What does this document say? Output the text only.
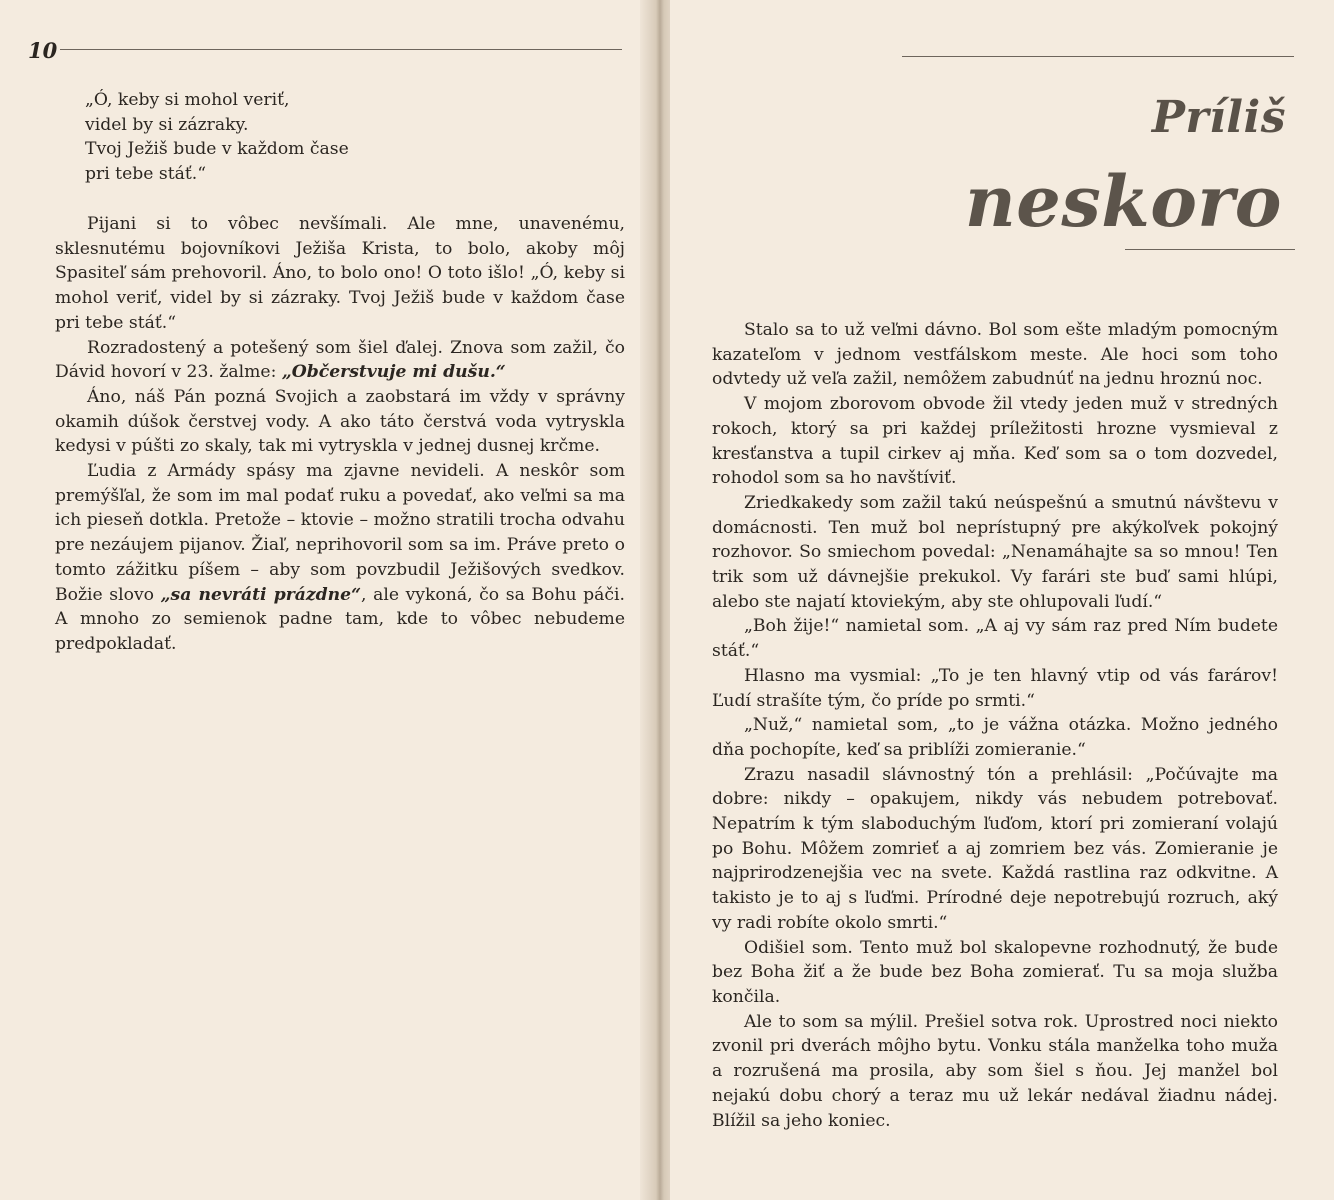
10
„Ó, keby si mohol veriť,
videl by si zázraky.
Tvoj Ježiš bude v každom čase
pri tebe stáť.“

Pijani si to vôbec nevšímali. Ale mne, unavenému, sklesnutému bojovníkovi Ježiša Krista, to bolo, akoby môj Spasiteľ sám prehovoril. Áno, to bolo ono! O toto išlo! „Ó, keby si mohol veriť, videl by si zázraky. Tvoj Ježiš bude v každom čase pri tebe stáť.“

Rozradostený a potešený som šiel ďalej. Znova som zažil, čo Dávid hovorí v 23. žalme: „Občerstvuje mi dušu.“

Áno, náš Pán pozná Svojich a zaobstará im vždy v správny okamih dúšok čerstvej vody. A ako táto čerstvá voda vytryskla kedysi v púšti zo skaly, tak mi vytryskla v jednej dusnej krčme.

Ľudia z Armády spásy ma zjavne nevideli. A neskôr som premýšľal, že som im mal podať ruku a povedať, ako veľmi sa ma ich pieseň dotkla. Pretože – ktovie – možno stratili trocha odvahu pre nezáujem pijanov. Žiaľ, neprihovoril som sa im. Práve preto o tomto zážitku píšem – aby som povzbudil Ježišových svedkov. Božie slovo „sa nevráti prázdne“, ale vykoná, čo sa Bohu páči. A mnoho zo semienok padne tam, kde to vôbec nebudeme predpokladať.

Príliš
neskoro

Stalo sa to už veľmi dávno. Bol som ešte mladým pomocným kazateľom v jednom vestfálskom meste. Ale hoci som toho odvtedy už veľa zažil, nemôžem zabudnúť na jednu hroznú noc.

V mojom zborovom obvode žil vtedy jeden muž v stredných rokoch, ktorý sa pri každej príležitosti hrozne vysmieval z kresťanstva a tupil cirkev aj mňa. Keď som sa o tom dozvedel, rohodol som sa ho navštíviť.

Zriedkakedy som zažil takú neúspešnú a smutnú návštevu v domácnosti. Ten muž bol neprístupný pre akýkoľvek pokojný rozhovor. So smiechom povedal: „Nenamáhajte sa so mnou! Ten trik som už dávnejšie prekukol. Vy farári ste buď sami hlúpi, alebo ste najatí ktoviekým, aby ste ohlupovali ľudí.“

„Boh žije!“ namietal som. „A aj vy sám raz pred Ním budete stáť.“

Hlasno ma vysmial: „To je ten hlavný vtip od vás farárov! Ľudí strašíte tým, čo príde po srmti.“

„Nuž,“ namietal som, „to je vážna otázka. Možno jedného dňa pochopíte, keď sa priblíži zomieranie.“

Zrazu nasadil slávnostný tón a prehlásil: „Počúvajte ma dobre: nikdy – opakujem, nikdy vás nebudem potrebovať. Nepatrím k tým slaboduchým ľuďom, ktorí pri zomieraní volajú po Bohu. Môžem zomrieť a aj zomriem bez vás. Zomieranie je najprirodzenejšia vec na svete. Každá rastlina raz odkvitne. A takisto je to aj s ľuďmi. Prírodné deje nepotrebujú rozruch, aký vy radi robíte okolo smrti.“

Odišiel som. Tento muž bol skalopevne rozhodnutý, že bude bez Boha žiť a že bude bez Boha zomierať. Tu sa moja služba končila.

Ale to som sa mýlil. Prešiel sotva rok. Uprostred noci niekto zvonil pri dverách môjho bytu. Vonku stála manželka toho muža a rozrušená ma prosila, aby som šiel s ňou. Jej manžel bol nejakú dobu chorý a teraz mu už lekár nedával žiadnu nádej. Blížil sa jeho koniec.
